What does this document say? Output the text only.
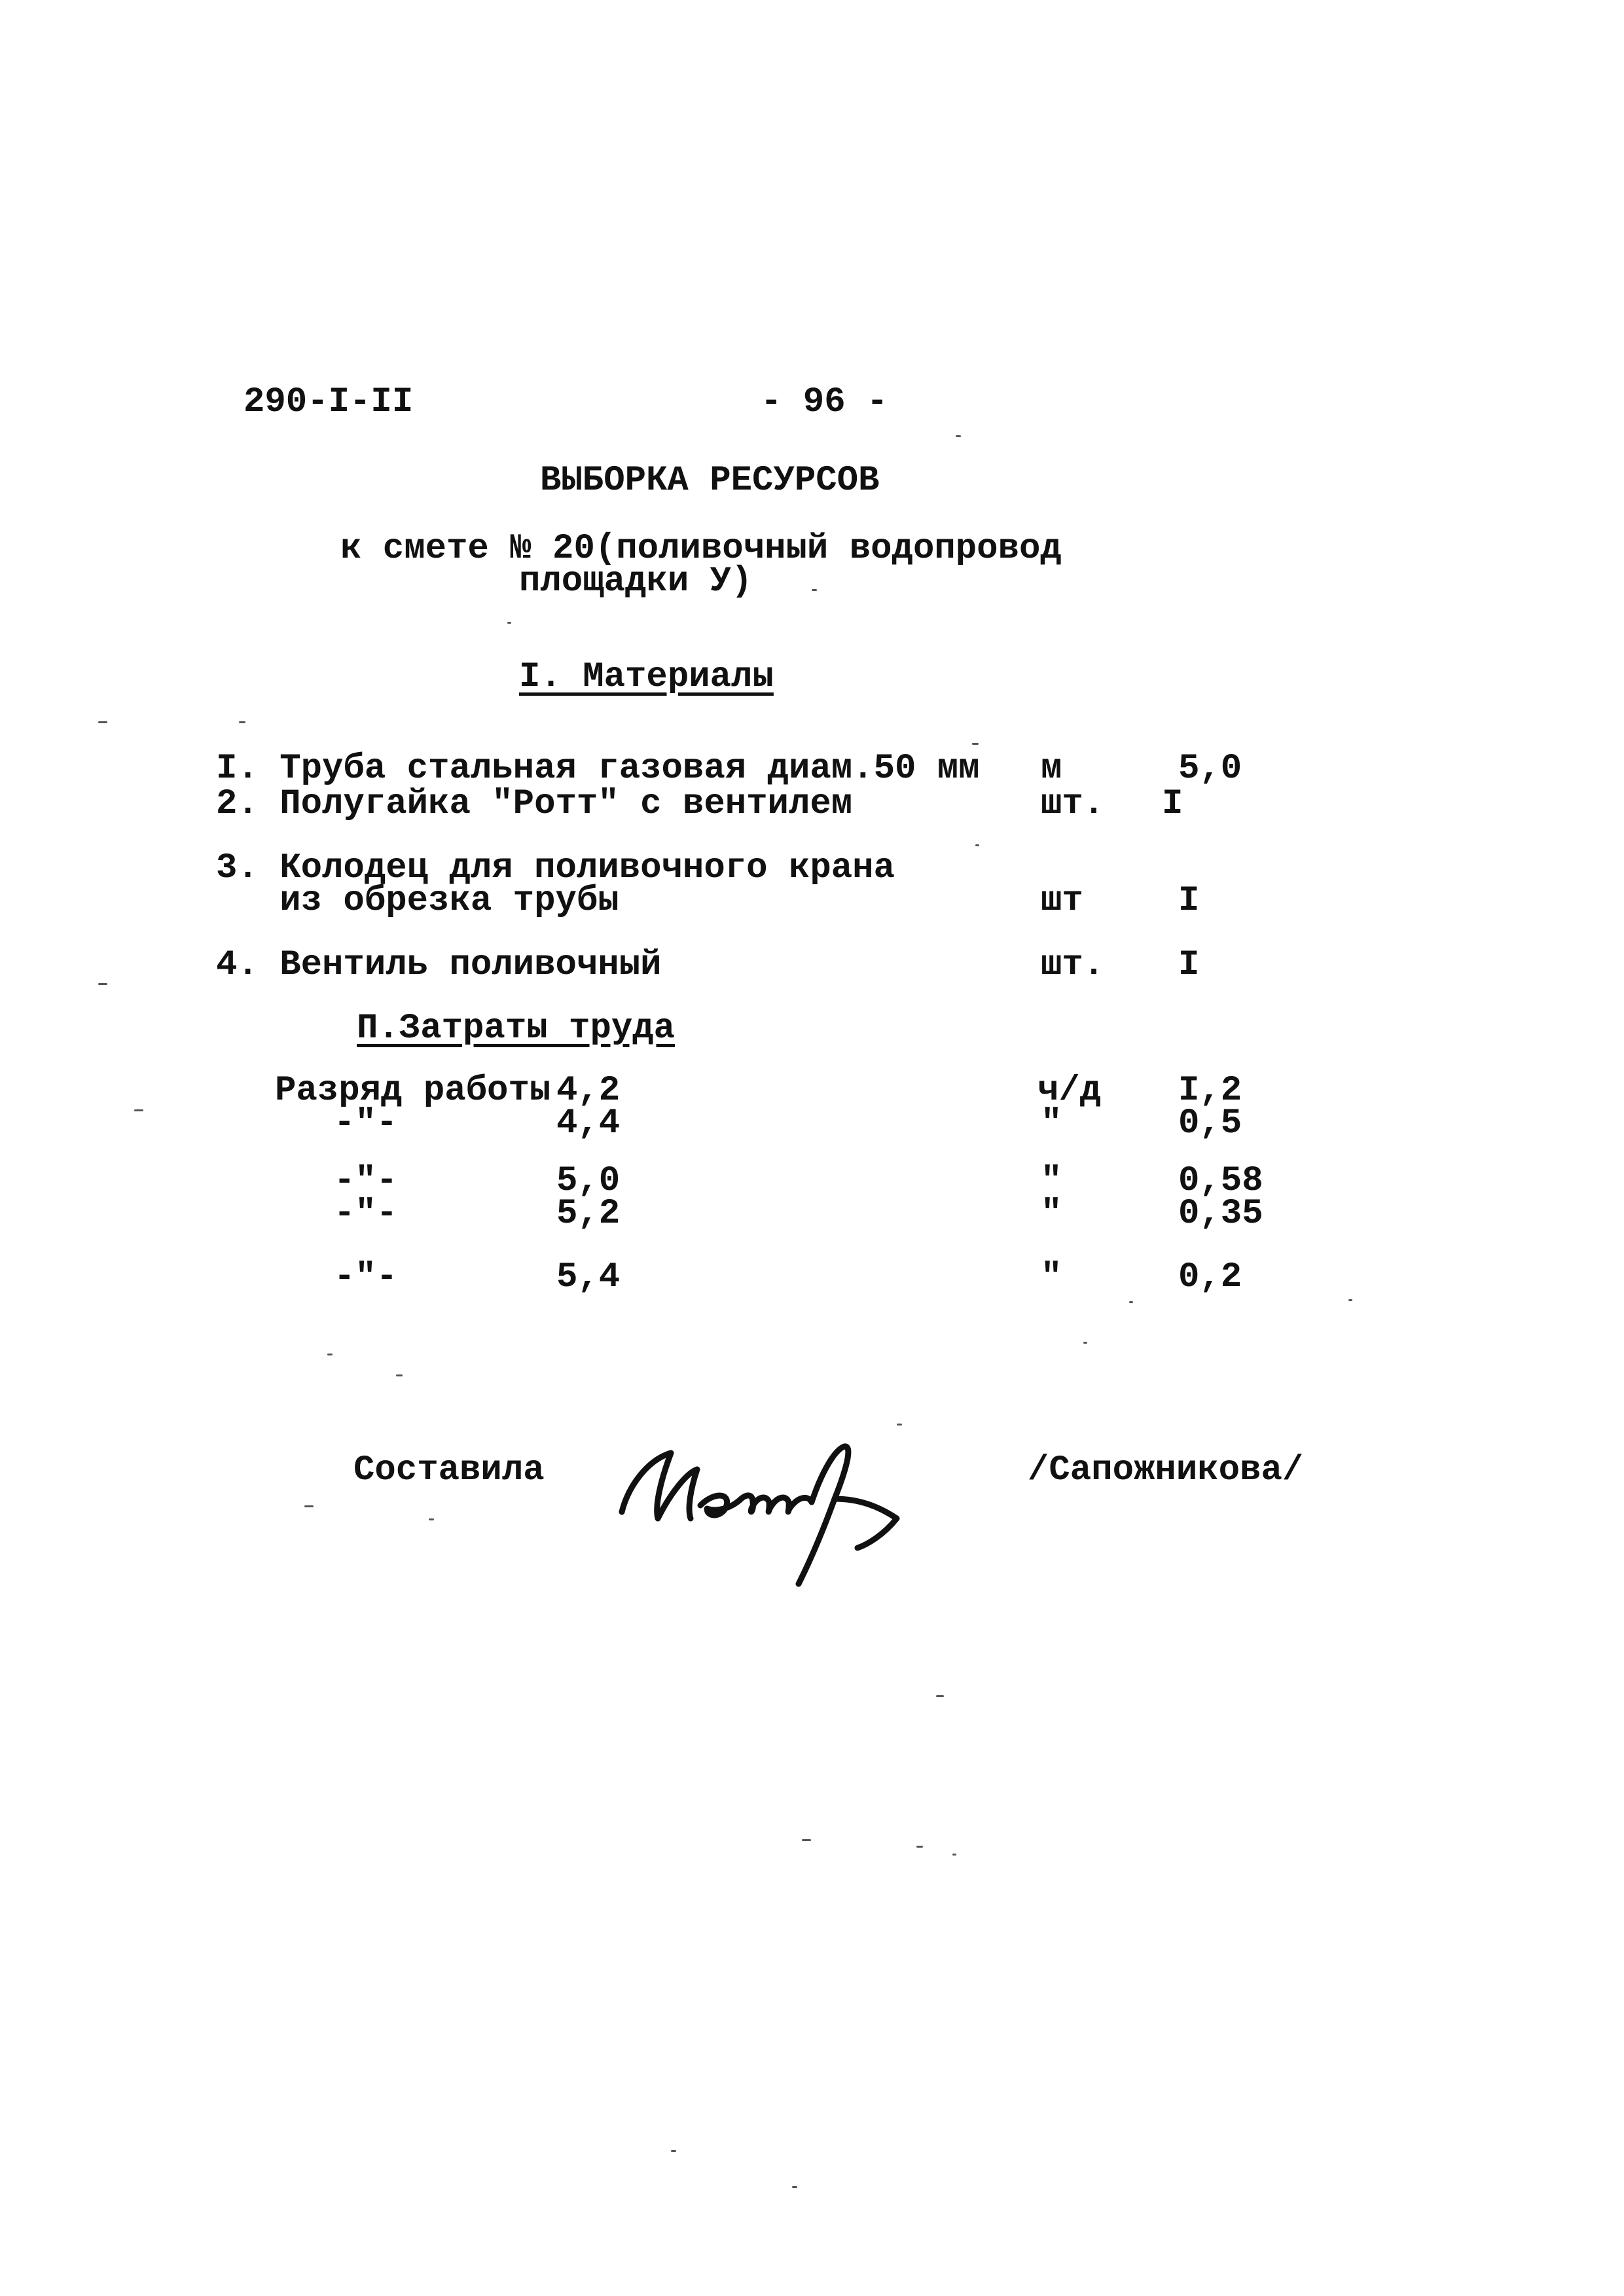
290-I-II	- 96 -
ВЫБОРКА РЕСУРСОВ
к смете № 20(поливочный водопровод
площадки У)
I. Материалы
I. Труба стальная газовая диам.50 мм м	5,0
2. Полугайка "Ротт" с вентилем	шт. I
3. Колодец для поливочного крана
из обрезка трубы	шт	I
4. Вентиль поливочный	шт. I
П.Затраты труда
Разряд работы 4,2	ч/д I,2
-"-	4,4	"	0,5
-"-	5,0	"	0,58
-"-	5,2	"	0,35
-"-	5,4	"	0,2
Составила	/Сапожникова/
